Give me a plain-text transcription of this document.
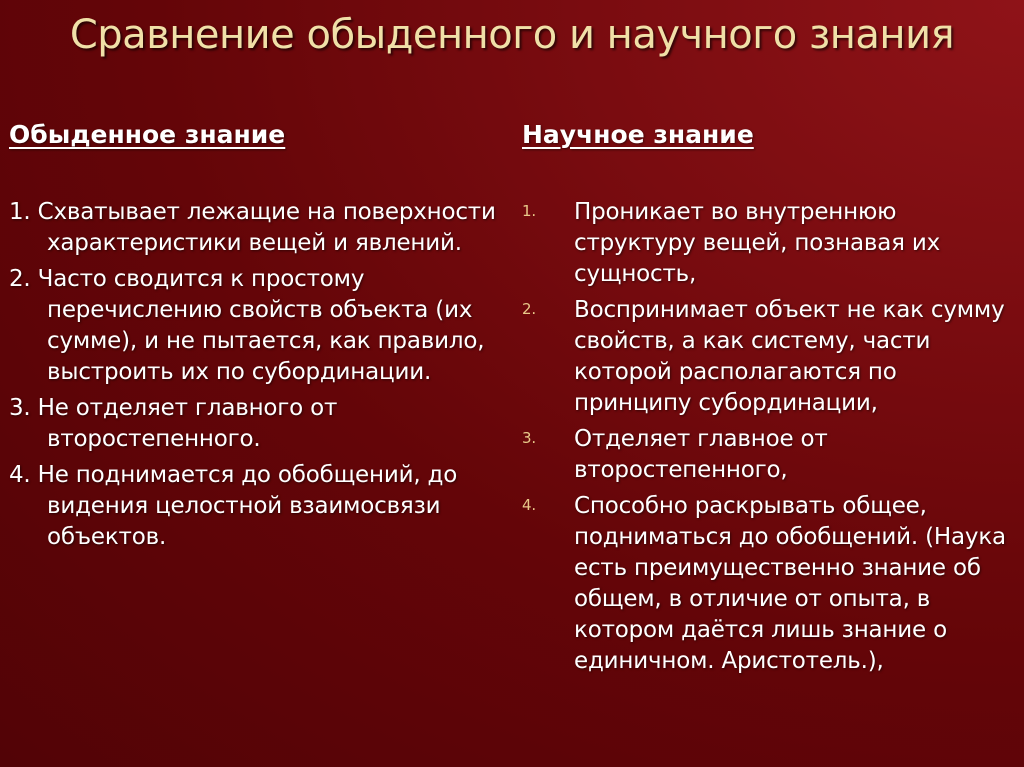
Сравнение обыденного и научного знания
Обыденное знание	Научное знание
1. Схватывает лежащие на поверхности характеристики вещей и явлений.
2. Часто сводится к простому перечислению свойств объекта (их сумме), и не пытается, как правило, выстроить их по субординации.
3. Не отделяет главного от второстепенного.
4. Не поднимается до обобщений, до видения целостной взаимосвязи объектов.
1. Проникает во внутреннюю структуру вещей, познавая их сущность,
2. Воспринимает объект не как сумму свойств, а как систему, части которой располагаются по принципу субординации,
3. Отделяет главное от второстепенного,
4. Способно раскрывать общее, подниматься до обобщений. (Наука есть преимущественно знание об общем, в отличие от опыта, в котором даётся лишь знание о единичном. Аристотель.),
